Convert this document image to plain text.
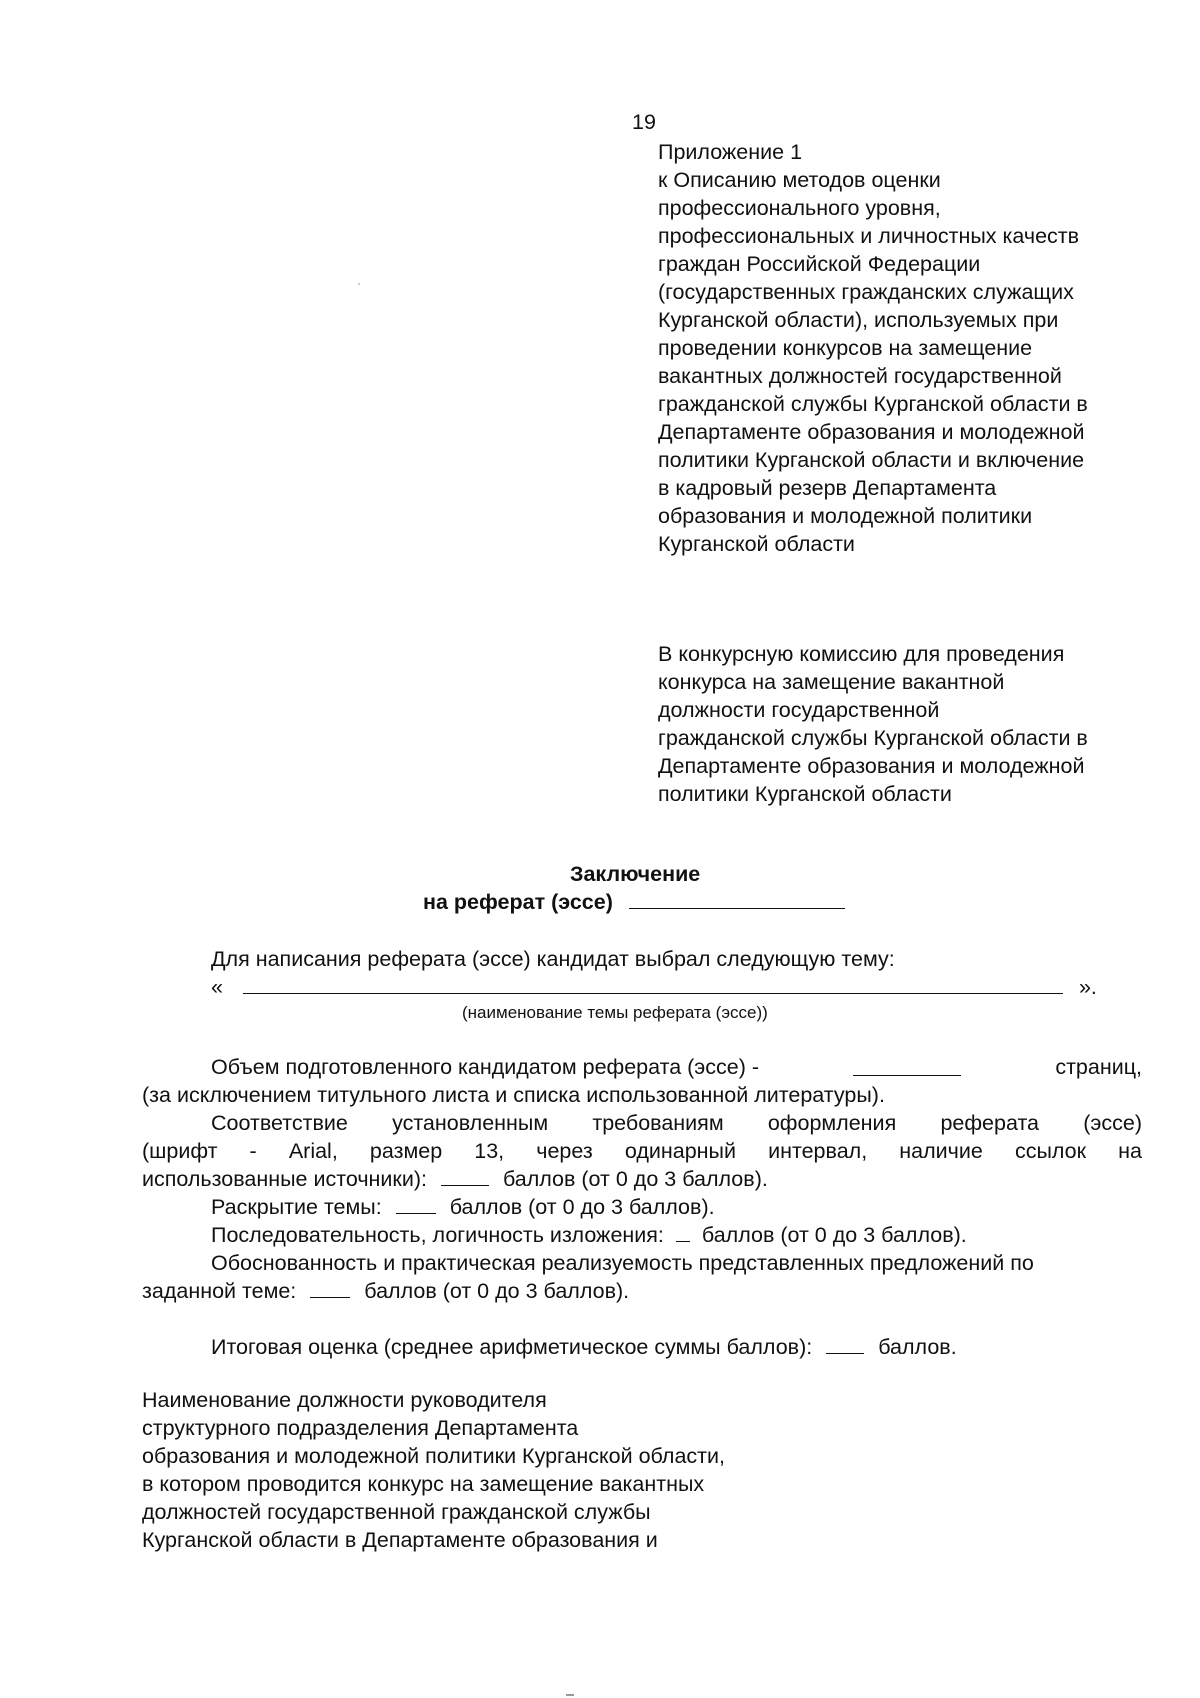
19
Приложение 1
к Описанию методов оценки
профессионального уровня,
профессиональных и личностных качеств
граждан Российской Федерации
(государственных гражданских служащих
Курганской области), используемых при
проведении конкурсов на замещение
вакантных должностей государственной
гражданской службы Курганской области в
Департаменте образования и молодежной
политики Курганской области и включение
в кадровый резерв Департамента
образования и молодежной политики
Курганской области
В конкурсную комиссию для проведения
конкурса на замещение вакантной
должности государственной
гражданской службы Курганской области в
Департаменте образования и молодежной
политики Курганской области
Заключение
на реферат (эссе)
Для написания реферата (эссе) кандидат выбрал следующую тему:
«	».
(наименование темы реферата (эссе))
Объем подготовленного кандидатом реферата (эссе) -	страниц,
(за исключением титульного листа и списка использованной литературы).
Соответствие установленным требованиям оформления реферата (эссе)
(шрифт - Arial, размер 13, через одинарный интервал, наличие ссылок на
использованные источники):	баллов (от 0 до 3 баллов).
Раскрытие темы:	баллов (от 0 до 3 баллов).
Последовательность, логичность изложения: баллов (от 0 до 3 баллов).
Обоснованность и практическая реализуемость представленных предложений по
заданной теме:	баллов (от 0 до 3 баллов).
Итоговая оценка (среднее арифметическое суммы баллов):	баллов.
Наименование должности руководителя
структурного подразделения Департамента
образования и молодежной политики Курганской области,
в котором проводится конкурс на замещение вакантных
должностей государственной гражданской службы
Курганской области в Департаменте образования и
